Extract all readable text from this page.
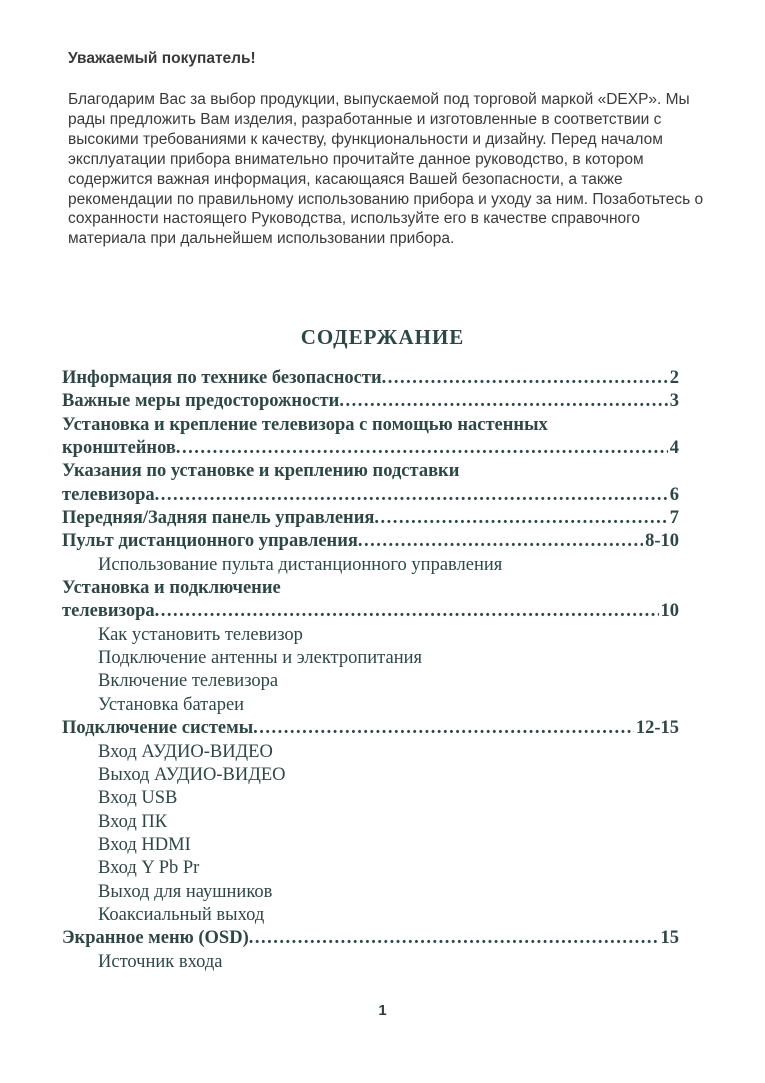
Уважаемый покупатель!

Благодарим Вас за выбор продукции, выпускаемой под торговой маркой «DEXP». Мы рады предложить Вам изделия, разработанные и изготовленные в соответствии с высокими требованиями к качеству, функциональности и дизайну. Перед началом эксплуатации прибора внимательно прочитайте данное руководство, в котором содержится важная информация, касающаяся Вашей безопасности, а также рекомендации по правильному использованию прибора и уходу за ним. Позаботьтесь о сохранности настоящего Руководства, используйте его в качестве справочного материала при дальнейшем использовании прибора.

СОДЕРЖАНИЕ
Информация по технике безопасности .....	2
Важные меры предосторожности .....	3
Установка и крепление телевизора с помощью настенных
кронштейнов .....	4
Указания по установке и креплению подставки
телевизора .....	6
Передняя/Задняя панель управления .....	7
Пульт дистанционного управления .....	8-10
Использование пульта дистанционного управления
Установка и подключение
телевизора .....	10
Как установить телевизор
Подключение антенны и электропитания
Включение телевизора
Установка батареи
Подключение системы .....	12-15
Вход АУДИО-ВИДЕО
Выход АУДИО-ВИДЕО
Вход USB
Вход ПК
Вход HDMI
Вход Y Pb Pr
Выход для наушников
Коаксиальный выход
Экранное меню (OSD) .....	15
Источник входа
1
